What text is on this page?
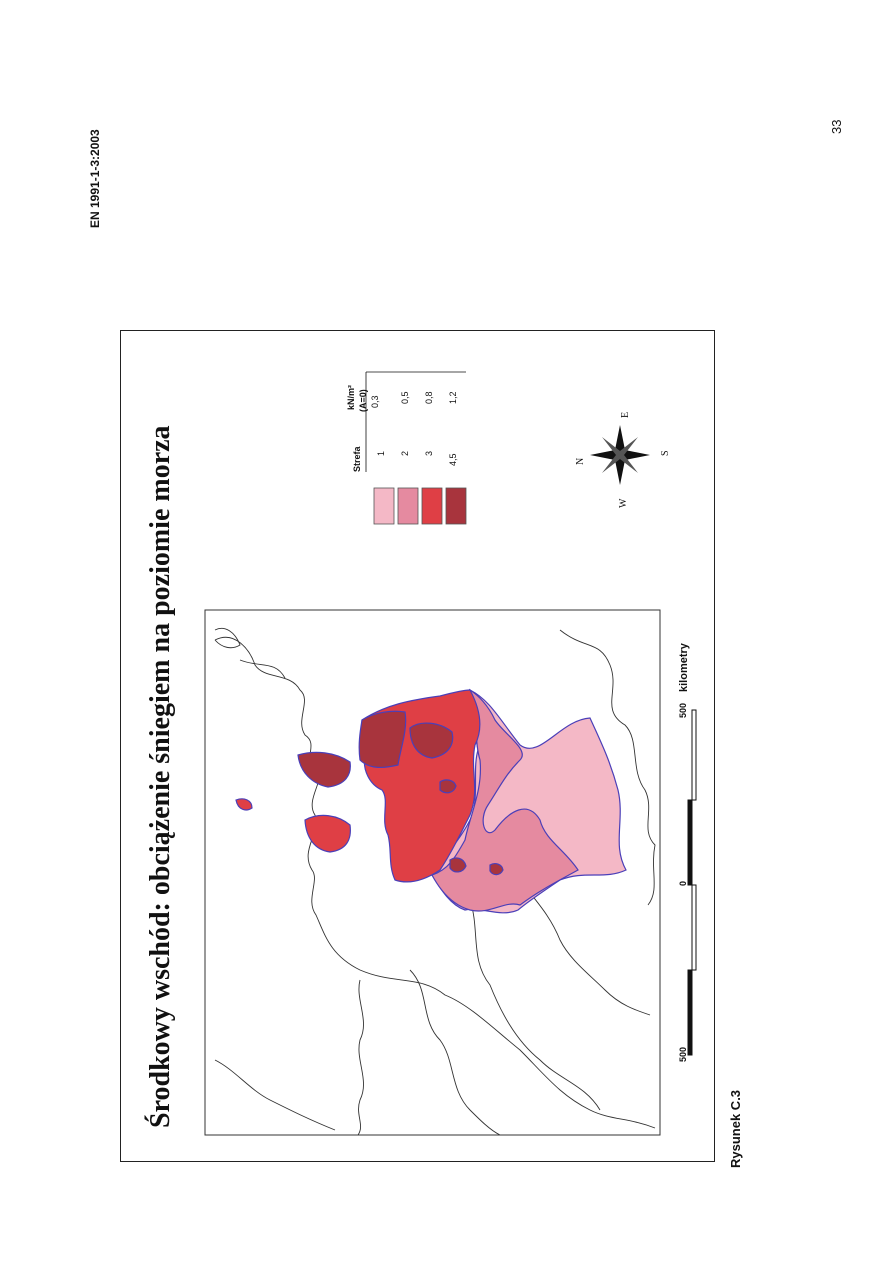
EN 1991-1-3:2003
33
Środkowy wschód: obciążenie śniegiem na poziomie morza	Strefa
kN/m² (A=0)
1 2 3 4,5
0,3 0,5 0,8 1,2
N
E
S
W
500
0
500
kilometry
Rysunek C.3
